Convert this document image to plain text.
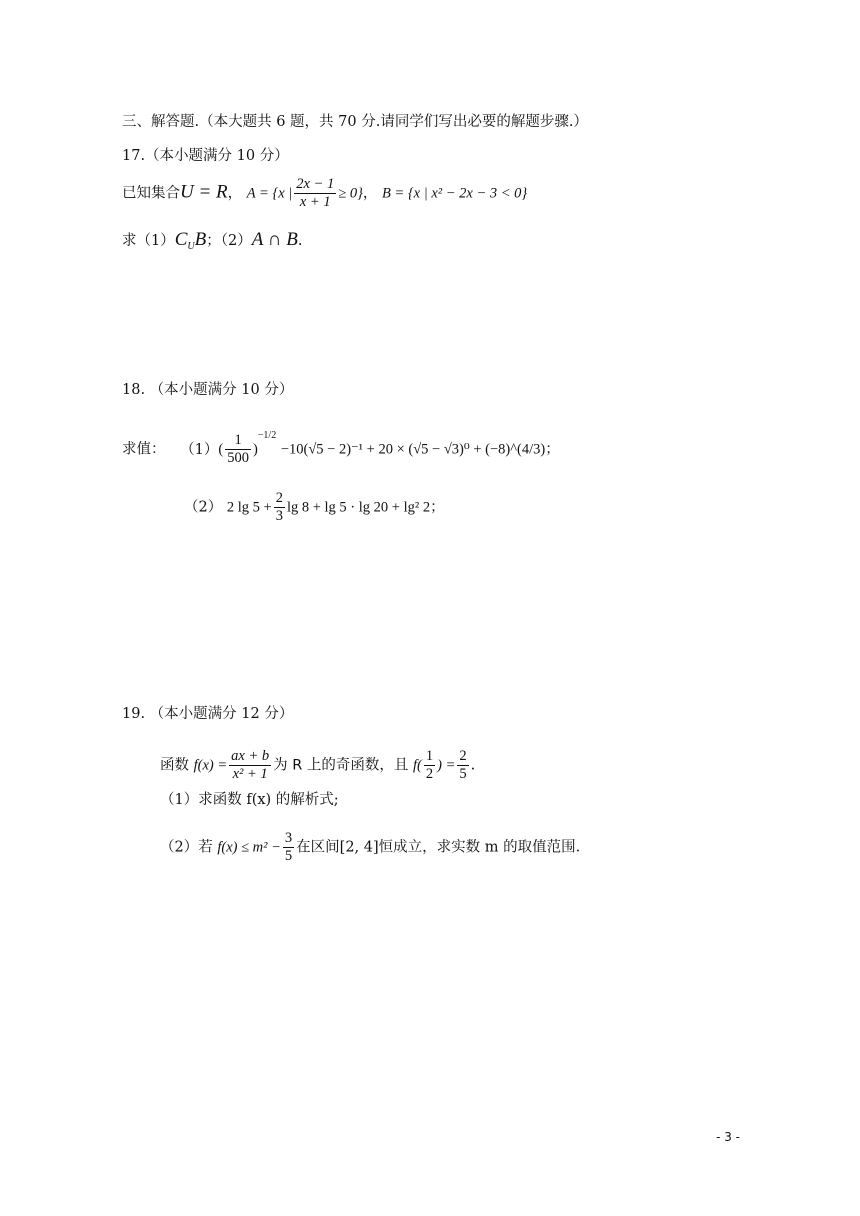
三、解答题.（本大题共 6 题，共 70 分.请同学们写出必要的解题步骤.）
17.（本小题满分 10 分）
已知集合U = R， A = {x | $\frac{2x - 1}{x + 1} \ge 0$}， B = {x | x² − 2x − 3 < 0}
求$(1)C_UB$；（2）A ∩ B.
18. （本小题满分 10 分）
求值： $(1)( \frac{1}{500} )^{-1/2} -10(√5 - 2)^{-1} + 20 \times (√5 - √3)^0$ + (−8)^(4/3)；
（2） 2 $\lg 5 + \frac{2}{3}$ lg 8 + lg 5 · lg 20 + lg² 2；
19. （本小题满分 12 分）
函数 $f(x) = \frac{ax + b}{\text{x² + 1}}$ 为 R 上的奇函数，且 $f( \frac{1}{2}$ ) = $\frac{2}{5}$ .
（1）求函数 f(x) 的解析式;
（2）若 $f(x) \le m^2 - \frac{3}{5}$ 在区间[2, 4]恒成立，求实数 m 的取值范围.
- 3 -
